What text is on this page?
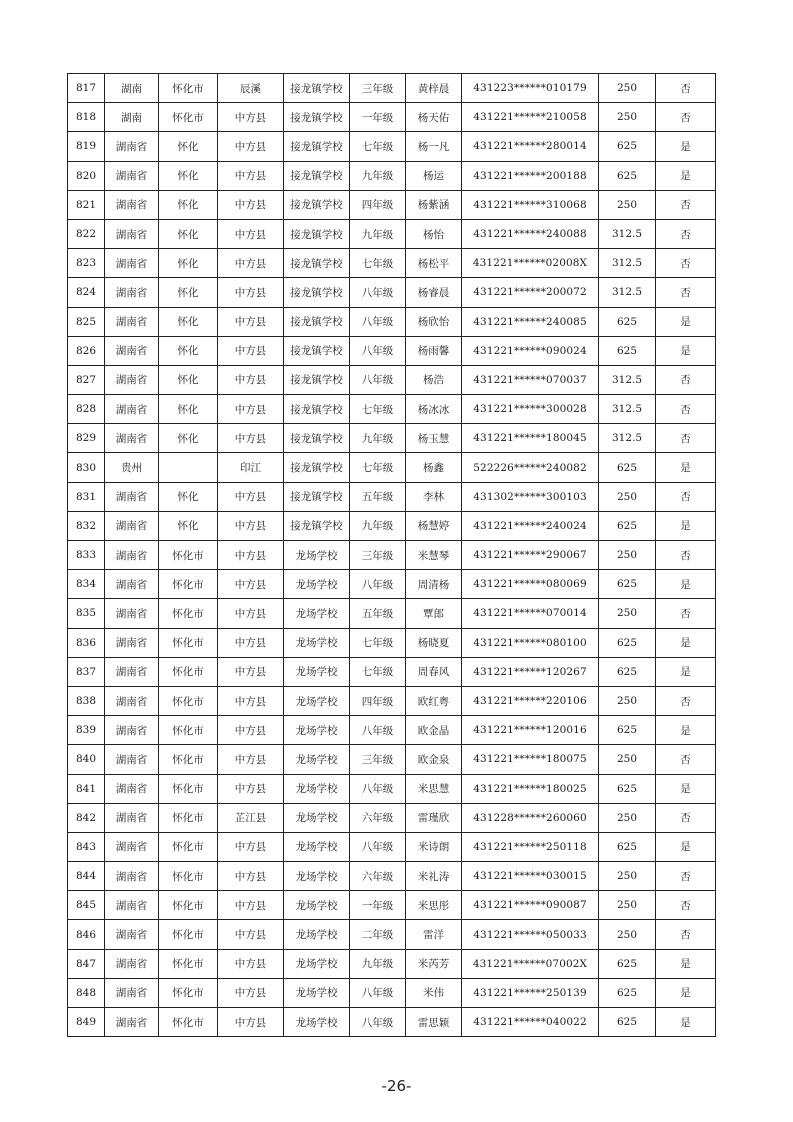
817	湖南	怀化市	辰溪	接龙镇学校	三年级	黄梓晨	431223******010179	250	否
818	湖南	怀化市	中方县	接龙镇学校	一年级	杨天佑	431221******210058	250	否
819	湖南省	怀化	中方县	接龙镇学校	七年级	杨一凡	431221******280014	625	是
820	湖南省	怀化	中方县	接龙镇学校	九年级	杨运	431221******200188	625	是
821	湖南省	怀化	中方县	接龙镇学校	四年级	杨紫涵	431221******310068	250	否
822	湖南省	怀化	中方县	接龙镇学校	九年级	杨怡	431221******240088	312.5	否
823	湖南省	怀化	中方县	接龙镇学校	七年级	杨松平	431221******02008X	312.5	否
824	湖南省	怀化	中方县	接龙镇学校	八年级	杨睿晨	431221******200072	312.5	否
825	湖南省	怀化	中方县	接龙镇学校	八年级	杨欣怡	431221******240085	625	是
826	湖南省	怀化	中方县	接龙镇学校	八年级	杨雨馨	431221******090024	625	是
827	湖南省	怀化	中方县	接龙镇学校	八年级	杨浩	431221******070037	312.5	否
828	湖南省	怀化	中方县	接龙镇学校	七年级	杨冰冰	431221******300028	312.5	否
829	湖南省	怀化	中方县	接龙镇学校	九年级	杨玉慧	431221******180045	312.5	否
830	贵州		印江	接龙镇学校	七年级	杨鑫	522226******240082	625	是
831	湖南省	怀化	中方县	接龙镇学校	五年级	李林	431302******300103	250	否
832	湖南省	怀化	中方县	接龙镇学校	九年级	杨慧婷	431221******240024	625	是
833	湖南省	怀化市	中方县	龙场学校	三年级	米慧琴	431221******290067	250	否
834	湖南省	怀化市	中方县	龙场学校	八年级	周清杨	431221******080069	625	是
835	湖南省	怀化市	中方县	龙场学校	五年级	覃郎	431221******070014	250	否
836	湖南省	怀化市	中方县	龙场学校	七年级	杨晓夏	431221******080100	625	是
837	湖南省	怀化市	中方县	龙场学校	七年级	周春风	431221******120267	625	是
838	湖南省	怀化市	中方县	龙场学校	四年级	欧红粤	431221******220106	250	否
839	湖南省	怀化市	中方县	龙场学校	八年级	欧金晶	431221******120016	625	是
840	湖南省	怀化市	中方县	龙场学校	三年级	欧金泉	431221******180075	250	否
841	湖南省	怀化市	中方县	龙场学校	八年级	米思慧	431221******180025	625	是
842	湖南省	怀化市	芷江县	龙场学校	六年级	雷瑾欣	431228******260060	250	否
843	湖南省	怀化市	中方县	龙场学校	八年级	米诗朗	431221******250118	625	是
844	湖南省	怀化市	中方县	龙场学校	六年级	米礼涛	431221******030015	250	否
845	湖南省	怀化市	中方县	龙场学校	一年级	米思彤	431221******090087	250	否
846	湖南省	怀化市	中方县	龙场学校	二年级	雷洋	431221******050033	250	否
847	湖南省	怀化市	中方县	龙场学校	九年级	米芮芳	431221******07002X	625	是
848	湖南省	怀化市	中方县	龙场学校	八年级	米伟	431221******250139	625	是
849	湖南省	怀化市	中方县	龙场学校	八年级	雷思颖	431221******040022	625	是
-26-
